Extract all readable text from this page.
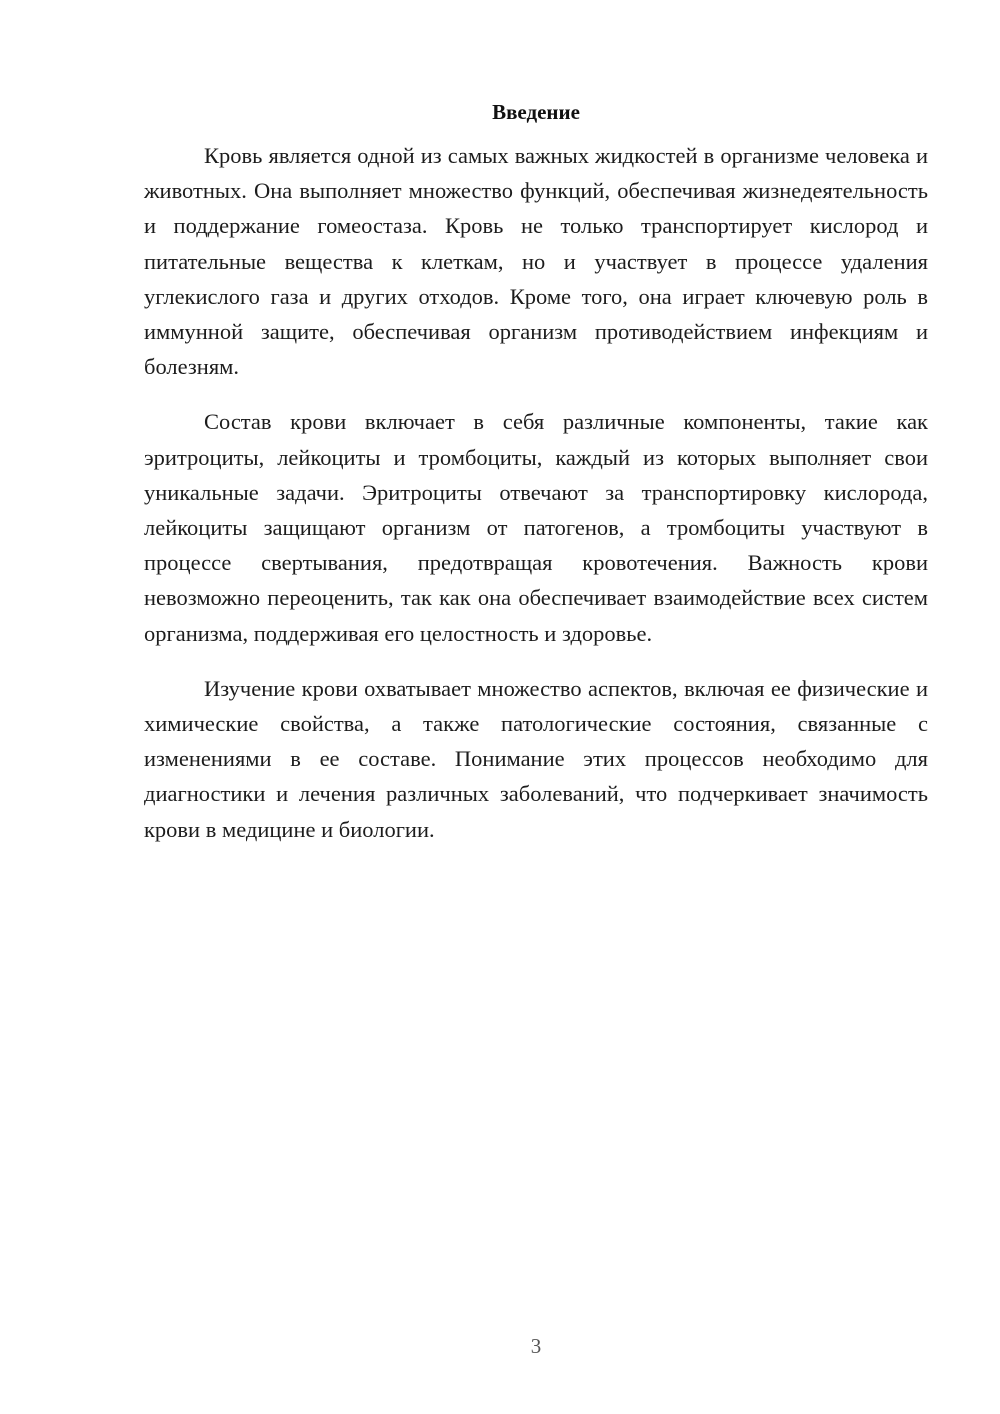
Введение

Кровь является одной из самых важных жидкостей в организме человека и животных. Она выполняет множество функций, обеспечивая жизнедеятельность и поддержание гомеостаза. Кровь не только транспортирует кислород и питательные вещества к клеткам, но и участвует в процессе удаления углекислого газа и других отходов. Кроме того, она играет ключевую роль в иммунной защите, обеспечивая организм противодействием инфекциям и болезням.

Состав крови включает в себя различные компоненты, такие как эритроциты, лейкоциты и тромбоциты, каждый из которых выполняет свои уникальные задачи. Эритроциты отвечают за транспортировку кислорода, лейкоциты защищают организм от патогенов, а тромбоциты участвуют в процессе свертывания, предотвращая кровотечения. Важность крови невозможно переоценить, так как она обеспечивает взаимодействие всех систем организма, поддерживая его целостность и здоровье.

Изучение крови охватывает множество аспектов, включая ее физические и химические свойства, а также патологические состояния, связанные с изменениями в ее составе. Понимание этих процессов необходимо для диагностики и лечения различных заболеваний, что подчеркивает значимость крови в медицине и биологии.

3
